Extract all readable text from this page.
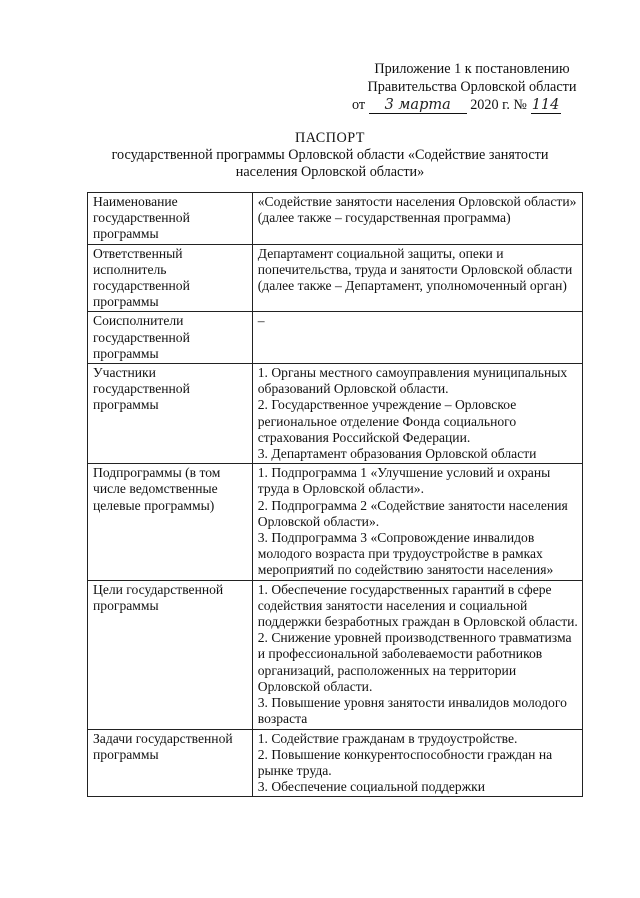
Приложение 1 к постановлению
Правительства Орловской области
от 3 марта 2020 г. № 114
ПАСПОРТ
государственной программы Орловской области «Содействие занятости населения Орловской области»
Наименование государственной программы	«Содействие занятости населения Орловской области» (далее также – государственная программа)

Ответственный исполнитель государственной программы	Департамент социальной защиты, опеки и попечительства, труда и занятости Орловской области (далее также – Департамент, уполномоченный орган)

Соисполнители государственной программы	–

Участники государственной программы	1. Органы местного самоуправления муниципальных образований Орловской области.
2. Государственное учреждение – Орловское региональное отделение Фонда социального страхования Российской Федерации.
3. Департамент образования Орловской области

Подпрограммы (в том числе ведомственные целевые программы)	1. Подпрограмма 1 «Улучшение условий и охраны труда в Орловской области».
2. Подпрограмма 2 «Содействие занятости населения Орловской области».
3. Подпрограмма 3 «Сопровождение инвалидов молодого возраста при трудоустройстве в рамках мероприятий по содействию занятости населения»

Цели государственной программы	1. Обеспечение государственных гарантий в сфере содействия занятости населения и социальной поддержки безработных граждан в Орловской области.
2. Снижение уровней производственного травматизма и профессиональной заболеваемости работников организаций, расположенных на территории Орловской области.
3. Повышение уровня занятости инвалидов молодого возраста

Задачи государственной программы	1. Содействие гражданам в трудоустройстве.
2. Повышение конкурентоспособности граждан на рынке труда.
3. Обеспечение социальной поддержки
